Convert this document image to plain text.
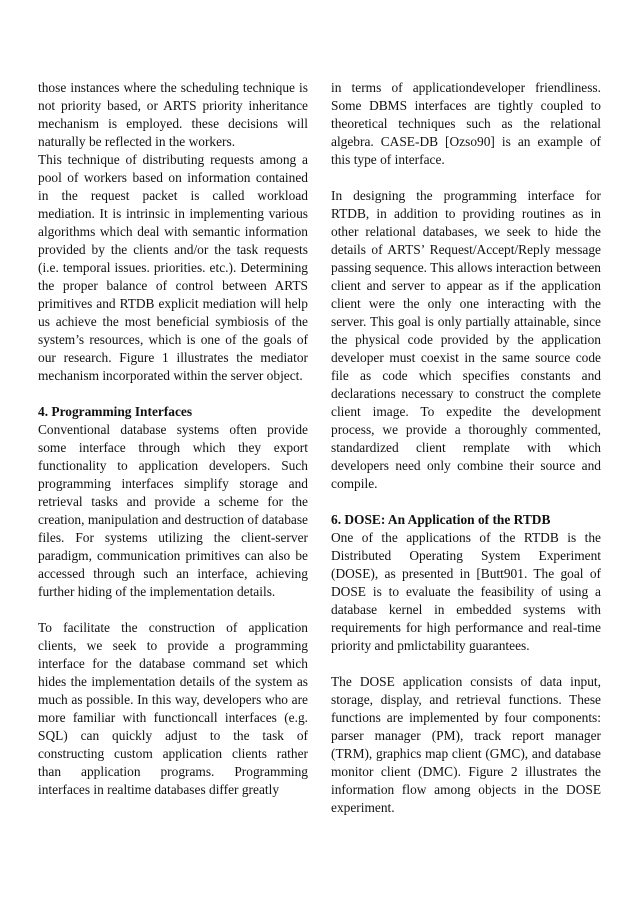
those instances where the scheduling technique is not priority based, or ARTS priority inheritance mechanism is employed. these decisions will naturally be reflected in the workers.

This technique of distributing requests among a pool of workers based on information contained in the request packet is called workload mediation. It is intrinsic in implementing various algorithms which deal with semantic information provided by the clients and/or the task requests (i.e. temporal issues. priorities. etc.). Determining the proper balance of control between ARTS primitives and RTDB explicit mediation will help us achieve the most beneficial symbiosis of the system’s resources, which is one of the goals of our research. Figure 1 illustrates the mediator mechanism incorporated within the server object.

4. Programming Interfaces

Conventional database systems often provide some interface through which they export functionality to application developers. Such programming interfaces simplify storage and retrieval tasks and provide a scheme for the creation, manipulation and destruction of database files. For systems utilizing the client-server paradigm, communication primitives can also be accessed through such an interface, achieving further hiding of the implementation details.

To facilitate the construction of application clients, we seek to provide a programming interface for the database command set which hides the implementation details of the system as much as possible. In this way, developers who are more familiar with functioncall interfaces (e.g. SQL) can quickly adjust to the task of constructing custom application clients rather than application programs. Programming interfaces in realtime databases differ greatly

in terms of applicationdeveloper friendliness. Some DBMS interfaces are tightly coupled to theoretical techniques such as the relational algebra. CASE-DB [Ozso90] is an example of this type of interface.

In designing the programming interface for RTDB, in addition to providing routines as in other relational databases, we seek to hide the details of ARTS’ Request/Accept/Reply message passing sequence. This allows interaction between client and server to appear as if the application client were the only one interacting with the server. This goal is only partially attainable, since the physical code provided by the application developer must coexist in the same source code file as code which specifies constants and declarations necessary to construct the complete client image. To expedite the development process, we provide a thoroughly commented, standardized client remplate with which developers need only combine their source and compile.

6. DOSE: An Application of the RTDB

One of the applications of the RTDB is the Distributed Operating System Experiment (DOSE), as presented in [Butt901. The goal of DOSE is to evaluate the feasibility of using a database kernel in embedded systems with requirements for high performance and real-time priority and pmlictability guarantees.

The DOSE application consists of data input, storage, display, and retrieval functions. These functions are implemented by four components: parser manager (PM), track report manager (TRM), graphics map client (GMC), and database monitor client (DMC). Figure 2 illustrates the information flow among objects in the DOSE experiment.
